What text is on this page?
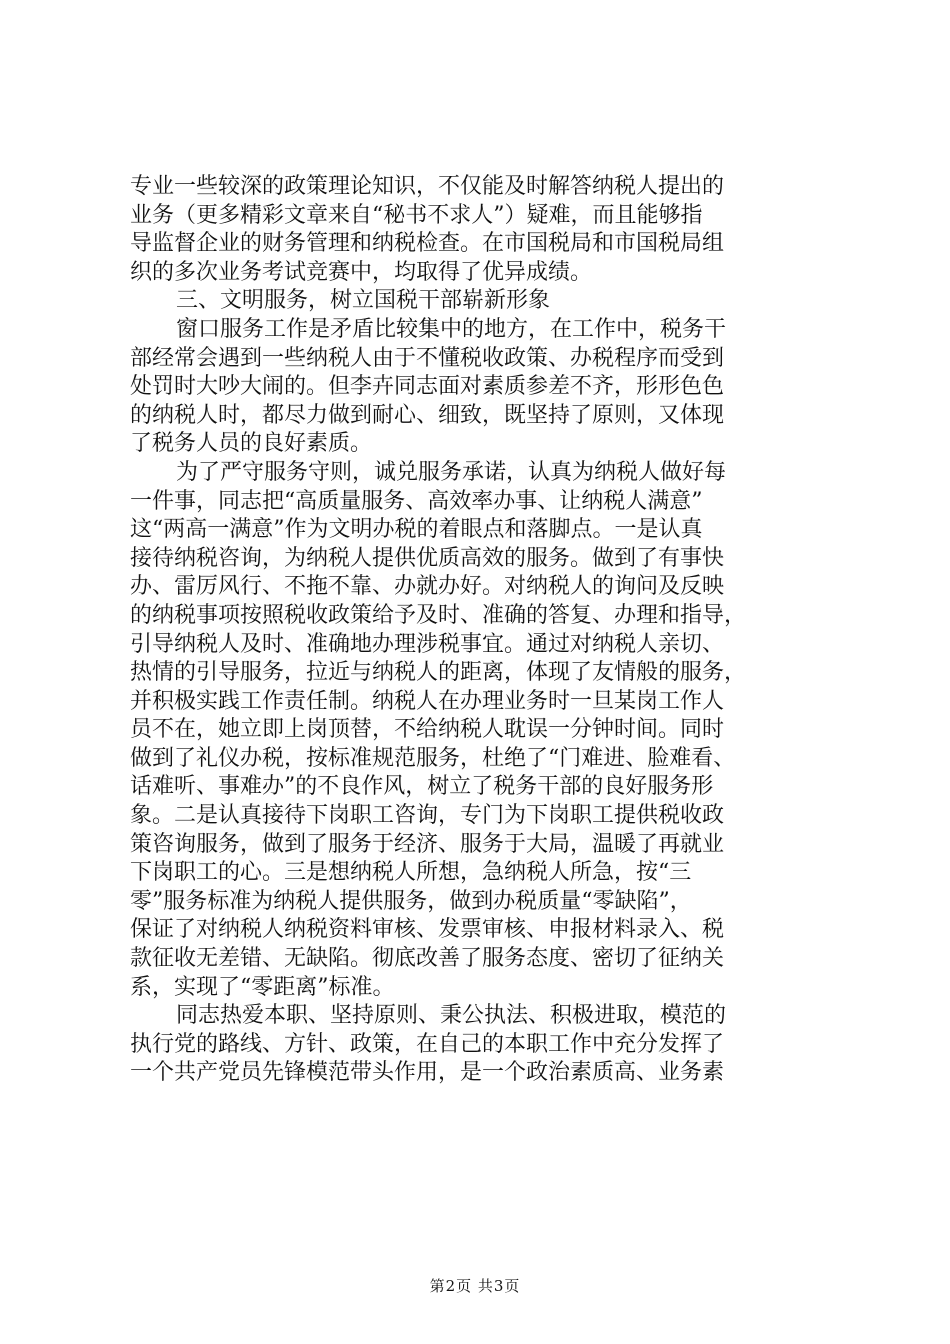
专业一些较深的政策理论知识，不仅能及时解答纳税人提出的
业务（更多精彩文章来自“秘书不求人”）疑难，而且能够指
导监督企业的财务管理和纳税检查。在市国税局和市国税局组
织的多次业务考试竞赛中，均取得了优异成绩。
三、文明服务，树立国税干部崭新形象
窗口服务工作是矛盾比较集中的地方，在工作中，税务干
部经常会遇到一些纳税人由于不懂税收政策、办税程序而受到
处罚时大吵大闹的。但李卉同志面对素质参差不齐，形形色色
的纳税人时，都尽力做到耐心、细致，既坚持了原则，又体现
了税务人员的良好素质。
为了严守服务守则，诚兑服务承诺，认真为纳税人做好每
一件事，同志把“高质量服务、高效率办事、让纳税人满意”
这“两高一满意”作为文明办税的着眼点和落脚点。一是认真
接待纳税咨询，为纳税人提供优质高效的服务。做到了有事快
办、雷厉风行、不拖不靠、办就办好。对纳税人的询问及反映
的纳税事项按照税收政策给予及时、准确的答复、办理和指导，
引导纳税人及时、准确地办理涉税事宜。通过对纳税人亲切、
热情的引导服务，拉近与纳税人的距离，体现了友情般的服务，
并积极实践工作责任制。纳税人在办理业务时一旦某岗工作人
员不在，她立即上岗顶替，不给纳税人耽误一分钟时间。同时
做到了礼仪办税，按标准规范服务，杜绝了“门难进、脸难看、
话难听、事难办”的不良作风，树立了税务干部的良好服务形
象。二是认真接待下岗职工咨询，专门为下岗职工提供税收政
策咨询服务，做到了服务于经济、服务于大局，温暖了再就业
下岗职工的心。三是想纳税人所想，急纳税人所急，按“三
零”服务标准为纳税人提供服务，做到办税质量“零缺陷”，
保证了对纳税人纳税资料审核、发票审核、申报材料录入、税
款征收无差错、无缺陷。彻底改善了服务态度、密切了征纳关
系，实现了“零距离”标准。
同志热爱本职、坚持原则、秉公执法、积极进取，模范的
执行党的路线、方针、政策，在自己的本职工作中充分发挥了
一个共产党员先锋模范带头作用，是一个政治素质高、业务素
第2页 共3页
